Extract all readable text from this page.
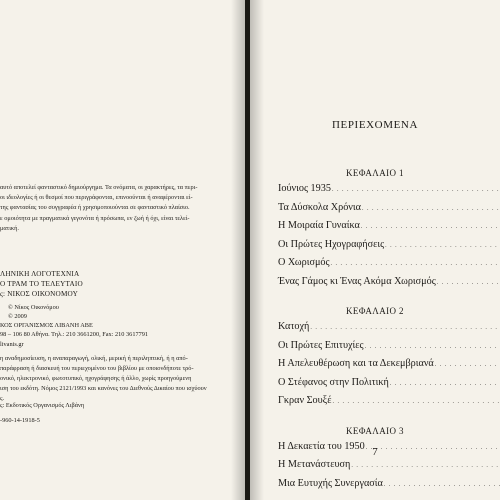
αυτό αποτελεί φανταστικό δημιούργημα. Τα ονόματα, οι χαρακτήρες, τα περι-
οι ιδεολογίες ή οι θεσμοί που περιγράφονται, επινοούνται ή αναφέρονται εί-
της φαντασίας του συγγραφέα ή χρησιμοποιούνται σε φανταστικό πλαίσιο.
ε ομοιότητα με πραγματικά γεγονότα ή πρόσωπα, εν ζωή ή όχι, είναι τελεί-
ματική.
ΛΗΝΙΚΗ ΛΟΓΟΤΕΧΝΙΑ
Ο ΤΡΑΜ ΤΟ ΤΕΛΕΥΤΑΙΟ
ς: ΝΙΚΟΣ ΟΙΚΟΝΟΜΟΥ
© Νίκος Οικονόμου
© 2009
ΚΟΣ ΟΡΓΑΝΙΣΜΟΣ ΛΙΒΑΝΗ ΑΒΕ
98 – 106 80 Αθήνα. Τηλ.: 210 3661200, Fax: 210 3617791
livanis.gr
η αναδημοσίευση, η αναπαραγωγή, ολική, μερική ή περιληπτική, ή η από-
παράφραση ή διασκευή του περιεχομένου του βιβλίου με οποιονδήποτε τρό-
ονικό, ηλεκτρονικό, φωτοτυπικό, ηχογράφησης ή άλλο, χωρίς προηγούμενη
ιση του εκδότη. Νόμος 2121/1993 και κανόνες του Διεθνούς Δικαίου που ισχύουν
ς.
ς: Εκδοτικός Οργανισμός Λιβάνη
-960-14-1918-5
ΠΕΡΙΕΧΟΜΕΝΑ
ΚΕΦΑΛΑΙΟ 1
Ιούνιος 1935
. . .
Τα Δύσκολα Χρόνια
. . .
Η Μοιραία Γυναίκα
. . .
Οι Πρώτες Ηχογραφήσεις
. . .
Ο Χωρισμός
. . .
Ένας Γάμος κι Ένας Ακόμα Χωρισμός
. . .
ΚΕΦΑΛΑΙΟ 2
Κατοχή
. . .
Οι Πρώτες Επιτυχίες
. . .
Η Απελευθέρωση και τα Δεκεμβριανά
. . .
Ο Στέφανος στην Πολιτική
. . .
Γκραν Σουξέ
. . .
ΚΕΦΑΛΑΙΟ 3
Η Δεκαετία του 1950
. . .
Η Μετανάστευση
. . .
Μια Ευτυχής Συνεργασία
. . .
7
